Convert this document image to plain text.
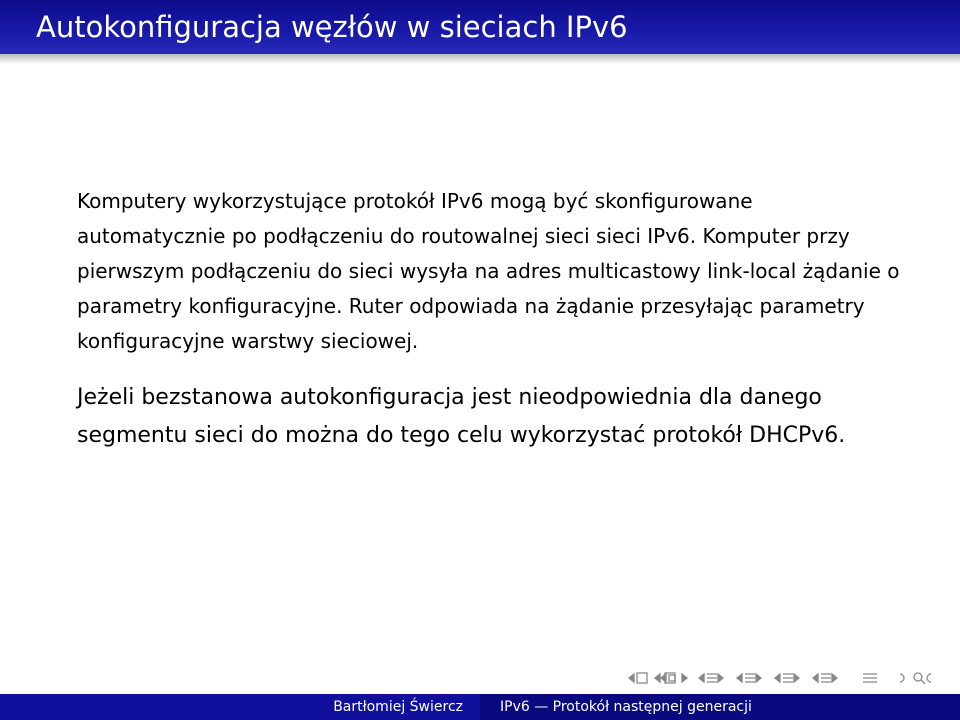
Autokonfiguracja węzłów w sieciach IPv6

Komputery wykorzystujące protokół IPv6 mogą być skonfigurowane automatycznie po podłączeniu do routowalnej sieci sieci IPv6. Komputer przy pierwszym podłączeniu do sieci wysyła na adres multicastowy link-local żądanie o parametry konfiguracyjne. Ruter odpowiada na żądanie przesyłając parametry konfiguracyjne warstwy sieciowej.

Jeżeli bezstanowa autokonfiguracja jest nieodpowiednia dla danego segmentu sieci do można do tego celu wykorzystać protokół DHCPv6.

Bartłomiej Świercz	IPv6 — Protokół następnej generacji
